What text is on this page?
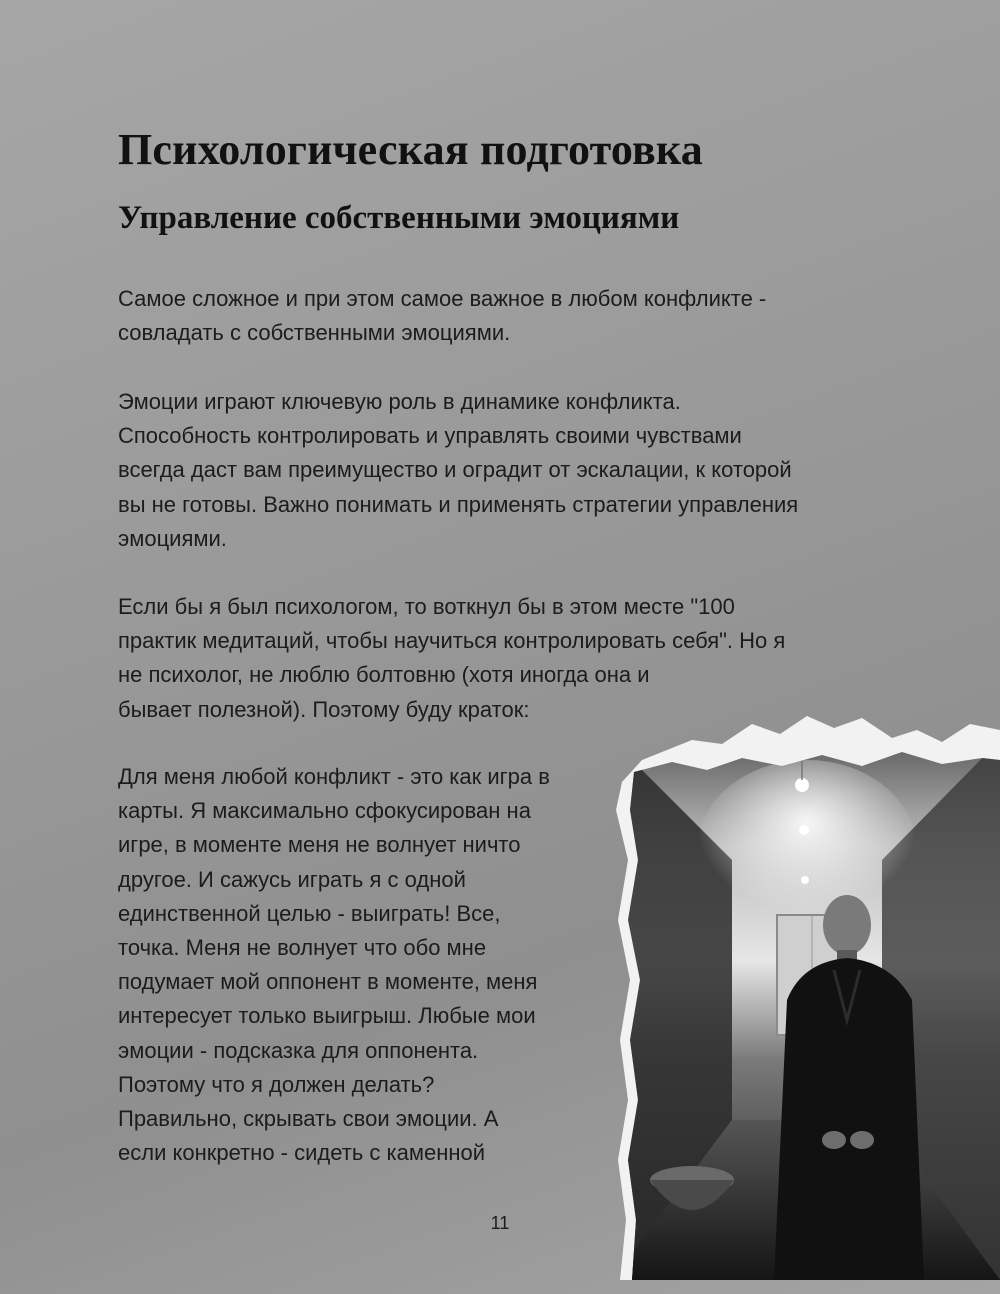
Психологическая подготовка
Управление собственными эмоциями

Самое сложное и при этом самое важное в любом конфликте -
совладать с собственными эмоциями.

Эмоции играют ключевую роль в динамике конфликта.
Способность контролировать и управлять своими чувствами
всегда даст вам преимущество и оградит от эскалации, к которой
вы не готовы. Важно понимать и применять стратегии управления
эмоциями.

Если бы я был психологом, то воткнул бы в этом месте "100
практик медитаций, чтобы научиться контролировать себя". Но я
не психолог, не люблю болтовню (хотя иногда она и
бывает полезной). Поэтому буду краток:

Для меня любой конфликт - это как игра в
карты. Я максимально сфокусирован на
игре, в моменте меня не волнует ничто
другое. И сажусь играть я с одной
единственной целью - выиграть! Все,
точка. Меня не волнует что обо мне
подумает мой оппонент в моменте, меня
интересует только выигрыш. Любые мои
эмоции - подсказка для оппонента.
Поэтому что я должен делать?
Правильно, скрывать свои эмоции. А
если конкретно - сидеть с каменной

11
